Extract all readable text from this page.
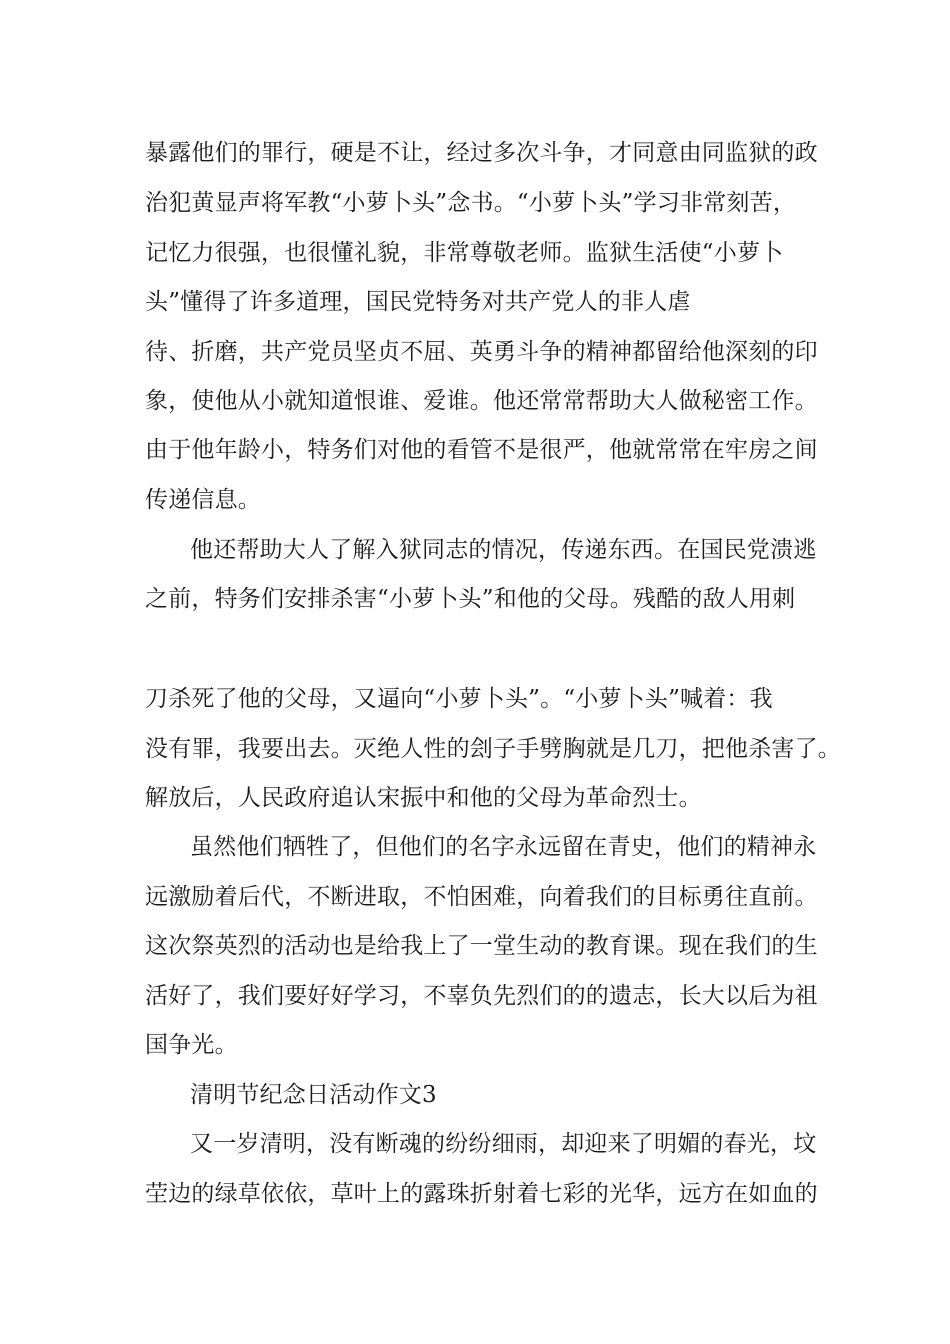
暴露他们的罪行，硬是不让，经过多次斗争，才同意由同监狱的政
治犯黄显声将军教“小萝卜头”念书。“小萝卜头”学习非常刻苦，
记忆力很强，也很懂礼貌，非常尊敬老师。监狱生活使“小萝卜
头”懂得了许多道理，国民党特务对共产党人的非人虐
待、折磨，共产党员坚贞不屈、英勇斗争的精神都留给他深刻的印
象，使他从小就知道恨谁、爱谁。他还常常帮助大人做秘密工作。
由于他年龄小，特务们对他的看管不是很严，他就常常在牢房之间
传递信息。
他还帮助大人了解入狱同志的情况，传递东西。在国民党溃逃
之前，特务们安排杀害“小萝卜头”和他的父母。残酷的敌人用刺
刀杀死了他的父母，又逼向“小萝卜头”。“小萝卜头”喊着：我
没有罪，我要出去。灭绝人性的刽子手劈胸就是几刀，把他杀害了。
解放后，人民政府追认宋振中和他的父母为革命烈士。
虽然他们牺牲了，但他们的名字永远留在青史，他们的精神永
远激励着后代，不断进取，不怕困难，向着我们的目标勇往直前。
这次祭英烈的活动也是给我上了一堂生动的教育课。现在我们的生
活好了，我们要好好学习，不辜负先烈们的的遗志，长大以后为祖
国争光。
清明节纪念日活动作文3
又一岁清明，没有断魂的纷纷细雨，却迎来了明媚的春光，坟
茔边的绿草依依，草叶上的露珠折射着七彩的光华，远方在如血的
